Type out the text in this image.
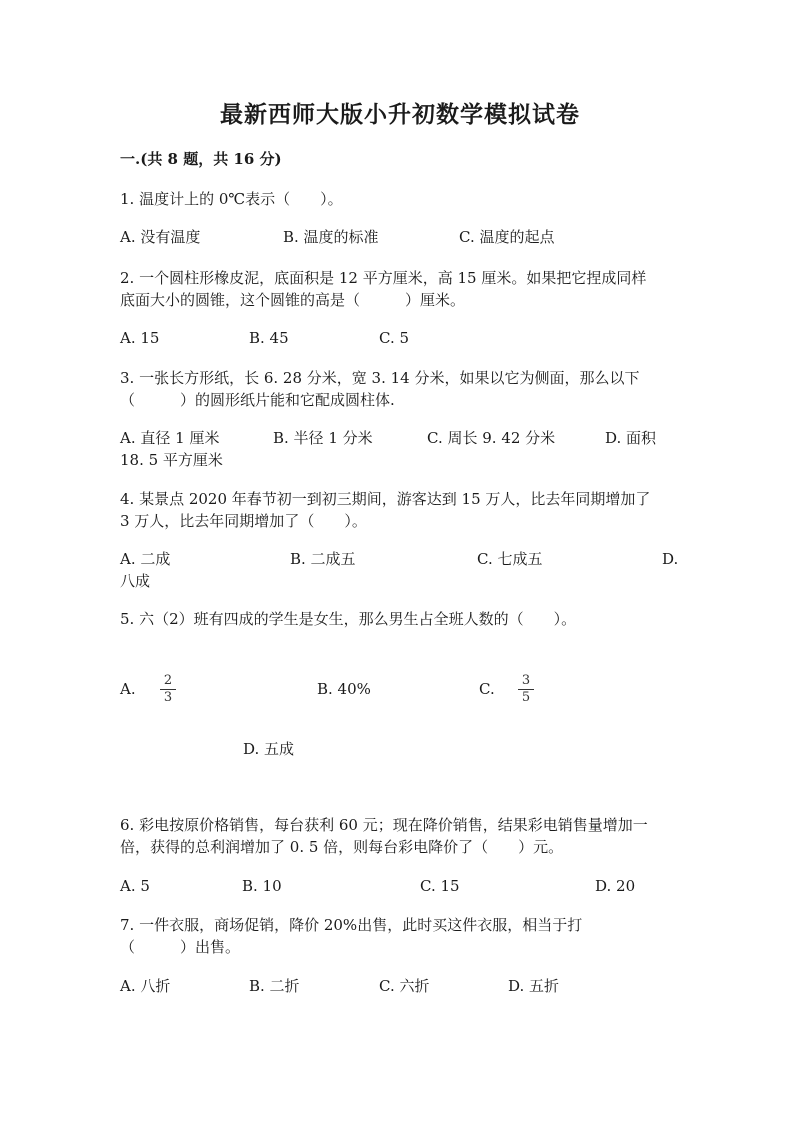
最新西师大版小升初数学模拟试卷
一.(共 8 题，共 16 分)
1. 温度计上的 0℃表示（　　）。
A. 没有温度	B. 温度的标准	C. 温度的起点
2. 一个圆柱形橡皮泥，底面积是 12 平方厘米，高 15 厘米。如果把它捏成同样
底面大小的圆锥，这个圆锥的高是（　　　）厘米。
A. 15	B. 45	C. 5
3. 一张长方形纸，长 6. 28 分米，宽 3. 14 分米，如果以它为侧面，那么以下
（　　　）的圆形纸片能和它配成圆柱体.
A. 直径 1 厘米	B. 半径 1 分米	C. 周长 9. 42 分米	D. 面积
18. 5 平方厘米
4. 某景点 2020 年春节初一到初三期间，游客达到 15 万人，比去年同期增加了
3 万人，比去年同期增加了（　　）。
A. 二成	B. 二成五	C. 七成五	D.
八成
5. 六（2）班有四成的学生是女生，那么男生占全班人数的（　　）。
A. 2
3	B. 40%	C. 3
5
D. 五成
6. 彩电按原价格销售，每台获利 60 元；现在降价销售，结果彩电销售量增加一
倍，获得的总利润增加了 0. 5 倍，则每台彩电降价了（　　）元。
A. 5	B. 10	C. 15	D. 20
7. 一件衣服，商场促销，降价 20%出售，此时买这件衣服，相当于打
（　　　）出售。
A. 八折	B. 二折	C. 六折	D. 五折
